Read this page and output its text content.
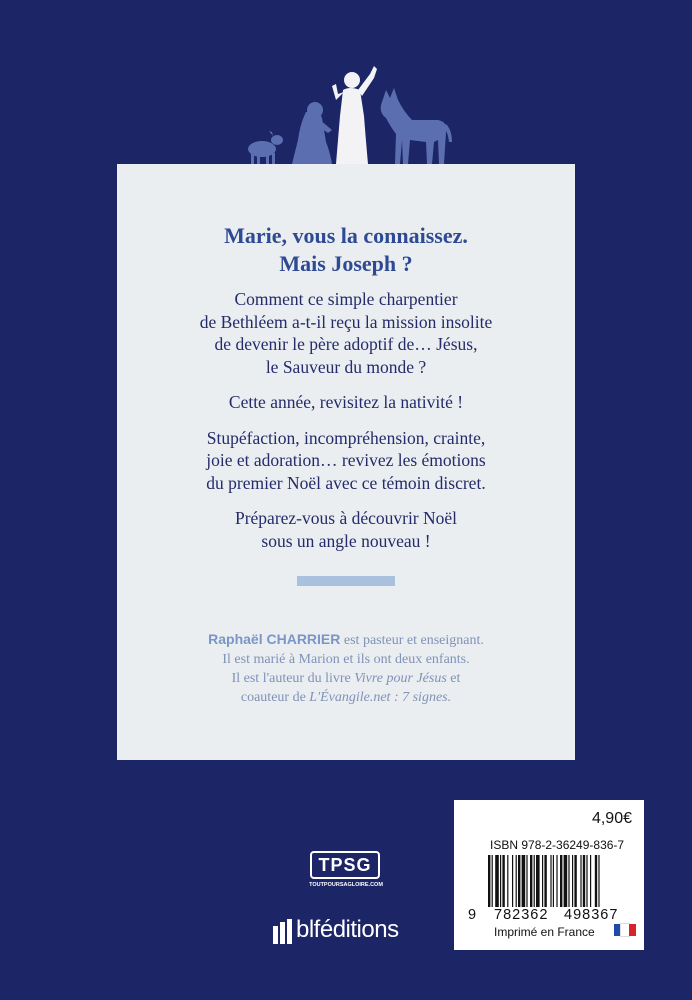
Marie, vous la connaissez.
Mais Joseph ?

Comment ce simple charpentier
de Bethléem a-t-il reçu la mission insolite
de devenir le père adoptif de… Jésus,
le Sauveur du monde ?

Cette année, revisitez la nativité !

Stupéfaction, incompréhension, crainte,
joie et adoration… revivez les émotions
du premier Noël avec ce témoin discret.

Préparez-vous à découvrir Noël
sous un angle nouveau !

Raphaël CHARRIER est pasteur et enseignant.
Il est marié à Marion et ils ont deux enfants.
Il est l'auteur du livre Vivre pour Jésus et
coauteur de L'Évangile.net : 7 signes.
TPSG
TOUTPOURSAGLOIRE.COM
blféditions
4,90€
ISBN 978-2-36249-836-7
9 782362 498367
Imprimé en France
